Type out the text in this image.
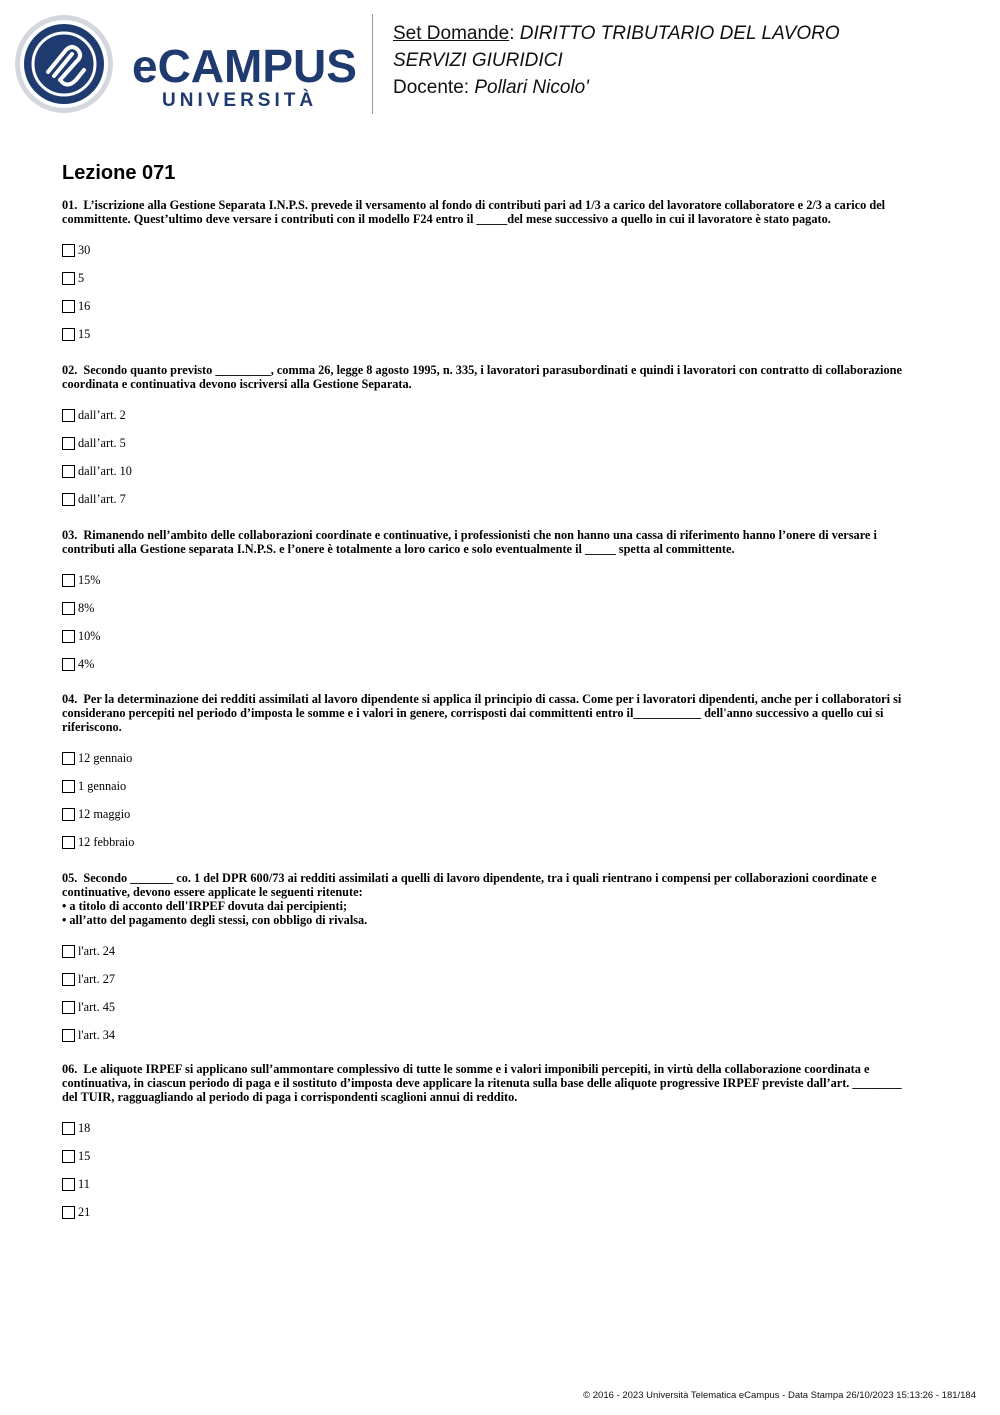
eCAMPUS
UNIVERSITÀ
Set Domande: DIRITTO TRIBUTARIO DEL LAVORO
SERVIZI GIURIDICI
Docente: Pollari Nicolo'
Lezione 071
01. L’iscrizione alla Gestione Separata I.N.P.S. prevede il versamento al fondo di contributi pari ad 1/3 a carico del lavoratore collaboratore e 2/3 a carico del
committente. Quest’ultimo deve versare i contributi con il modello F24 entro il _____del mese successivo a quello in cui il lavoratore è stato pagato.
30
5
16
15
02. Secondo quanto previsto _________, comma 26, legge 8 agosto 1995, n. 335, i lavoratori parasubordinati e quindi i lavoratori con contratto di collaborazione
coordinata e continuativa devono iscriversi alla Gestione Separata.
dall’art. 2
dall’art. 5
dall’art. 10
dall’art. 7
03. Rimanendo nell’ambito delle collaborazioni coordinate e continuative, i professionisti che non hanno una cassa di riferimento hanno l’onere di versare i
contributi alla Gestione separata I.N.P.S. e l’onere è totalmente a loro carico e solo eventualmente il _____ spetta al committente.
15%
8%
10%
4%
04. Per la determinazione dei redditi assimilati al lavoro dipendente si applica il principio di cassa. Come per i lavoratori dipendenti, anche per i collaboratori si
considerano percepiti nel periodo d’imposta le somme e i valori in genere, corrisposti dai committenti entro il___________ dell'anno successivo a quello cui si
riferiscono.
12 gennaio
1 gennaio
12 maggio
12 febbraio
05. Secondo _______ co. 1 del DPR 600/73 ai redditi assimilati a quelli di lavoro dipendente, tra i quali rientrano i compensi per collaborazioni coordinate e
continuative, devono essere applicate le seguenti ritenute:
• a titolo di acconto dell'IRPEF dovuta dai percipienti;
• all’atto del pagamento degli stessi, con obbligo di rivalsa.
l'art. 24
l'art. 27
l'art. 45
l'art. 34
06. Le aliquote IRPEF si applicano sull’ammontare complessivo di tutte le somme e i valori imponibili percepiti, in virtù della collaborazione coordinata e
continuativa, in ciascun periodo di paga e il sostituto d’imposta deve applicare la ritenuta sulla base delle aliquote progressive IRPEF previste dall’art. ________
del TUIR, ragguagliando al periodo di paga i corrispondenti scaglioni annui di reddito.
18
15
11
21
© 2016 - 2023 Università Telematica eCampus - Data Stampa 26/10/2023 15:13:26 - 181/184
